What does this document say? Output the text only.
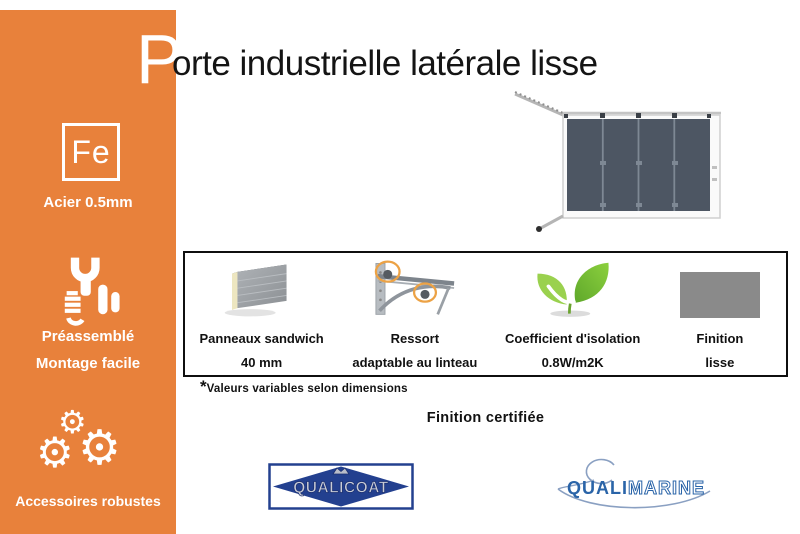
Fe
Acier 0.5mm
Préassemblé
Montage facile
⚙
⚙ ⚙
Accessoires robustes
P
orte industrielle latérale lisse
Panneaux sandwich
40 mm
Ressort
adaptable au linteau
Coefficient d'isolation
0.8W/m2K
Finition
lisse
* Valeurs variables selon dimensions
Finition certifiée
QUALICOAT	QUALIMARINE
